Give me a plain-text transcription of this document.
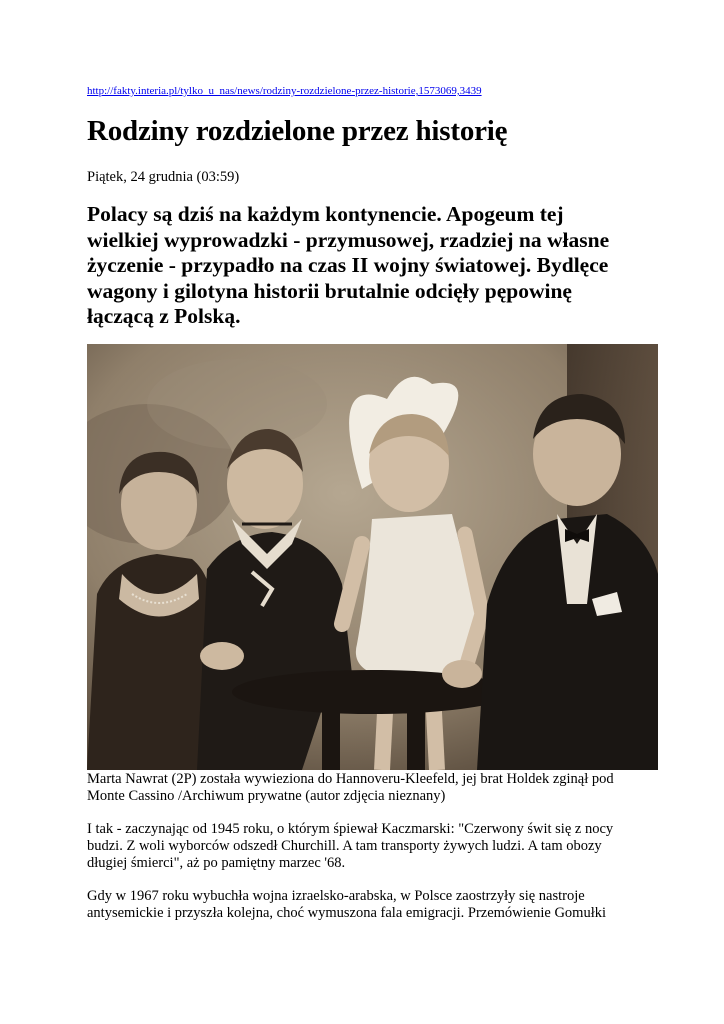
http://fakty.interia.pl/tylko_u_nas/news/rodziny-rozdzielone-przez-historie,1573069,3439
Rodziny rozdzielone przez historię
Piątek, 24 grudnia (03:59)
Polacy są dziś na każdym kontynencie. Apogeum tej
wielkiej wyprowadzki - przymusowej, rzadziej na własne
życzenie - przypadło na czas II wojny światowej. Bydlęce
wagony i gilotyna historii brutalnie odcięły pępowinę
łączącą z Polską.
Marta Nawrat (2P) została wywieziona do Hannoveru-Kleefeld, jej brat Holdek zginął pod
Monte Cassino /Archiwum prywatne (autor zdjęcia nieznany)
I tak - zaczynając od 1945 roku, o którym śpiewał Kaczmarski: "Czerwony świt się z nocy
budzi. Z woli wyborców odszedł Churchill. A tam transporty żywych ludzi. A tam obozy
długiej śmierci", aż po pamiętny marzec '68.
Gdy w 1967 roku wybuchła wojna izraelsko-arabska, w Polsce zaostrzyły się nastroje
antysemickie i przyszła kolejna, choć wymuszona fala emigracji. Przemówienie Gomułki
